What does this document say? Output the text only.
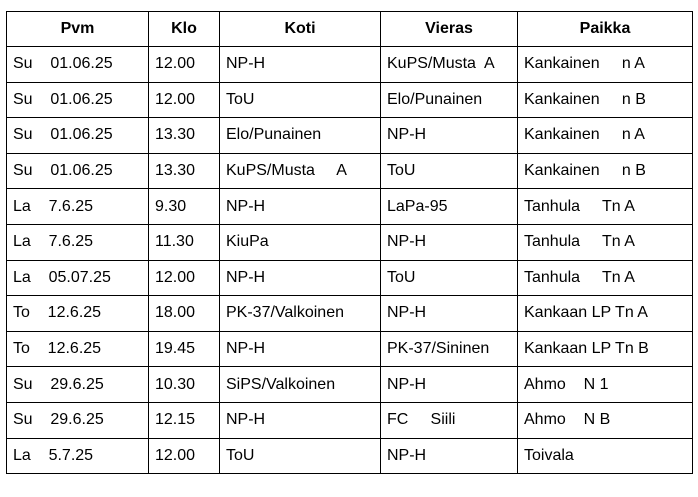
Pvm	Klo	Koti	Vieras	Paikka
Su    01.06.25	12.00	NP-H	KuPS/Musta  A	Kankainen     n A
Su    01.06.25	12.00	ToU	Elo/Punainen	Kankainen     n B
Su    01.06.25	13.30	Elo/Punainen	NP-H	Kankainen     n A
Su    01.06.25	13.30	KuPS/Musta     A	ToU	Kankainen     n B
La    7.6.25	9.30	NP-H	LaPa-95	Tanhula     Tn A
La    7.6.25	11.30	KiuPa	NP-H	Tanhula     Tn A
La    05.07.25	12.00	NP-H	ToU	Tanhula     Tn A
To    12.6.25	18.00	PK-37/Valkoinen	NP-H	Kankaan LP Tn A
To    12.6.25	19.45	NP-H	PK-37/Sininen	Kankaan LP Tn B
Su    29.6.25	10.30	SiPS/Valkoinen	NP-H	Ahmo    N 1
Su    29.6.25	12.15	NP-H	FC     Siili	Ahmo    N B
La    5.7.25	12.00	ToU	NP-H	Toivala
